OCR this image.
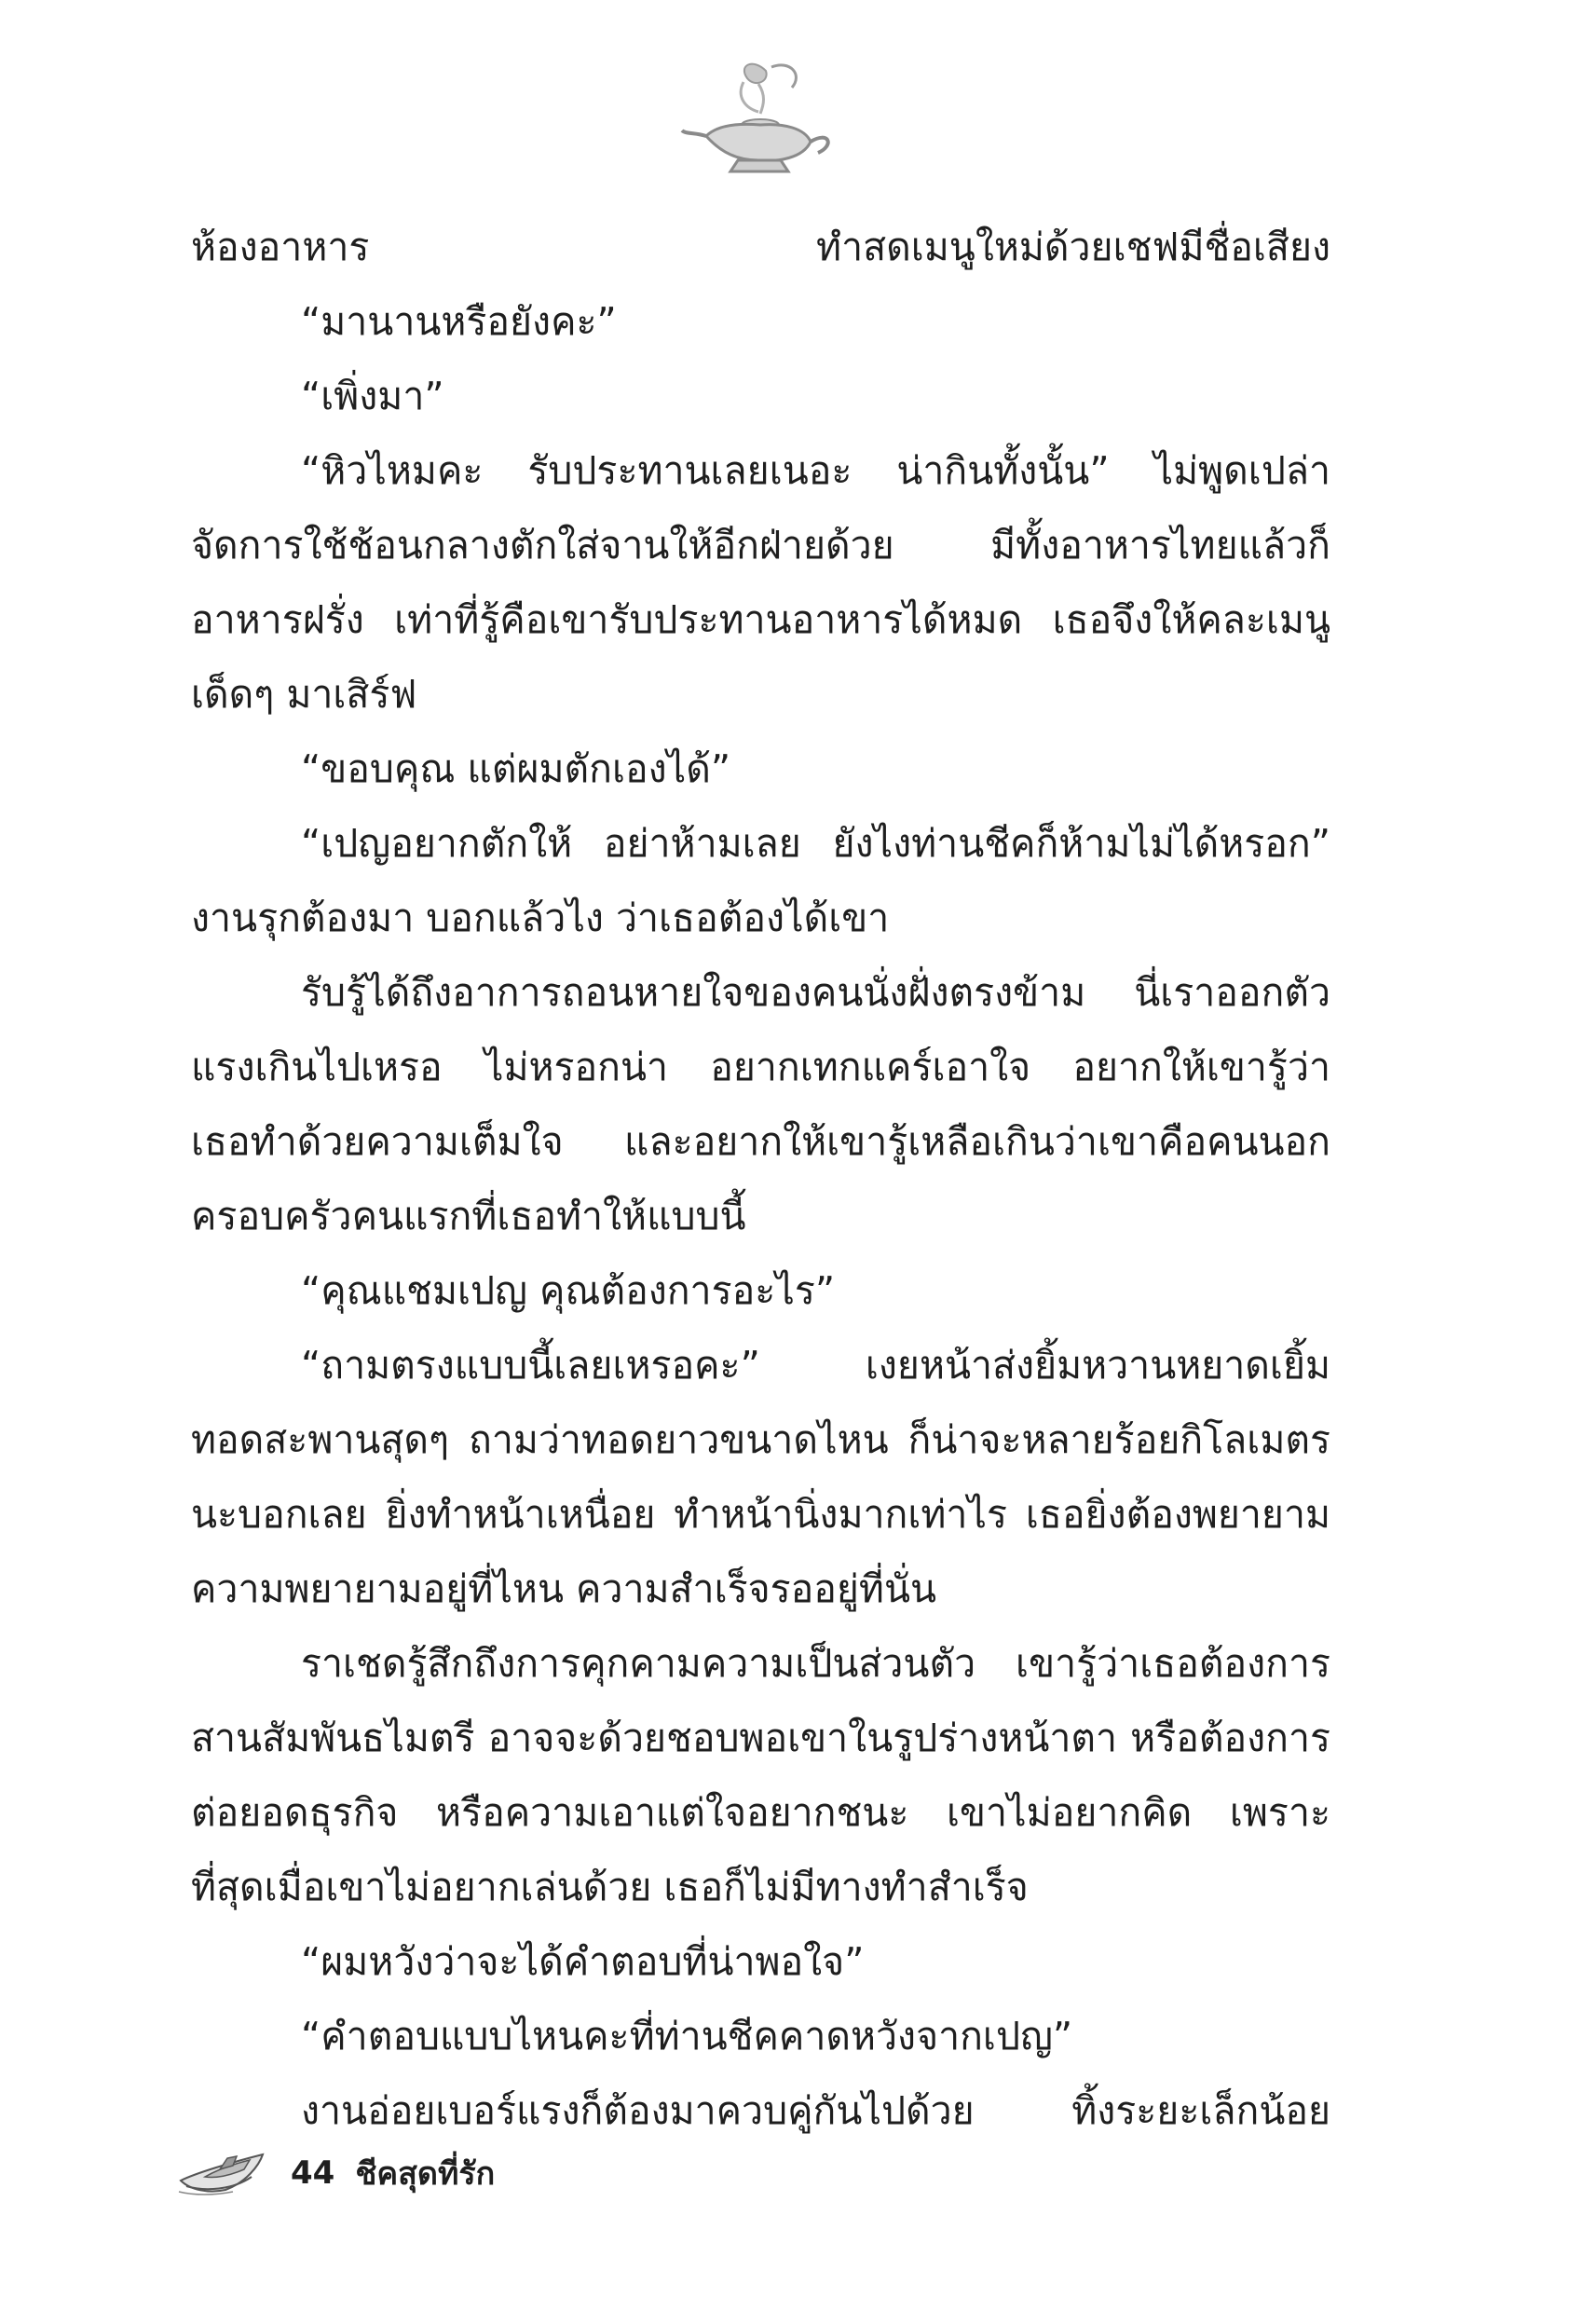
ห้องอาหาร ทำสดเมนูใหม่ด้วยเชฟมีชื่อเสียง
“มานานหรือยังคะ”
“เพิ่งมา”
“หิวไหมคะ รับประทานเลยเนอะ น่ากินทั้งนั้น” ไม่พูดเปล่า
จัดการใช้ช้อนกลางตักใส่จานให้อีกฝ่ายด้วย มีทั้งอาหารไทยแล้วก็
อาหารฝรั่ง เท่าที่รู้คือเขารับประทานอาหารได้หมด เธอจึงให้คละเมนู
เด็ดๆ มาเสิร์ฟ
“ขอบคุณ แต่ผมตักเองได้”
“เปญอยากตักให้ อย่าห้ามเลย ยังไงท่านชีคก็ห้ามไม่ได้หรอก”
งานรุกต้องมา บอกแล้วไง ว่าเธอต้องได้เขา
รับรู้ได้ถึงอาการถอนหายใจของคนนั่งฝั่งตรงข้าม นี่เราออกตัว
แรงเกินไปเหรอ ไม่หรอกน่า อยากเทกแคร์เอาใจ อยากให้เขารู้ว่า
เธอทำด้วยความเต็มใจ และอยากให้เขารู้เหลือเกินว่าเขาคือคนนอก
ครอบครัวคนแรกที่เธอทำให้แบบนี้
“คุณแชมเปญ คุณต้องการอะไร”
“ถามตรงแบบนี้เลยเหรอคะ” เงยหน้าส่งยิ้มหวานหยาดเยิ้ม
ทอดสะพานสุดๆ ถามว่าทอดยาวขนาดไหน ก็น่าจะหลายร้อยกิโลเมตร
นะบอกเลย ยิ่งทำหน้าเหนื่อย ทำหน้านิ่งมากเท่าไร เธอยิ่งต้องพยายาม
ความพยายามอยู่ที่ไหน ความสำเร็จรออยู่ที่นั่น
ราเชดรู้สึกถึงการคุกคามความเป็นส่วนตัว เขารู้ว่าเธอต้องการ
สานสัมพันธไมตรี อาจจะด้วยชอบพอเขาในรูปร่างหน้าตา หรือต้องการ
ต่อยอดธุรกิจ หรือความเอาแต่ใจอยากชนะ เขาไม่อยากคิด เพราะ
ที่สุดเมื่อเขาไม่อยากเล่นด้วย เธอก็ไม่มีทางทำสำเร็จ
“ผมหวังว่าจะได้คำตอบที่น่าพอใจ”
“คำตอบแบบไหนคะที่ท่านชีคคาดหวังจากเปญ”
งานอ่อยเบอร์แรงก็ต้องมาควบคู่กันไปด้วย ทิ้งระยะเล็กน้อย
44 ชีคสุดที่รัก
